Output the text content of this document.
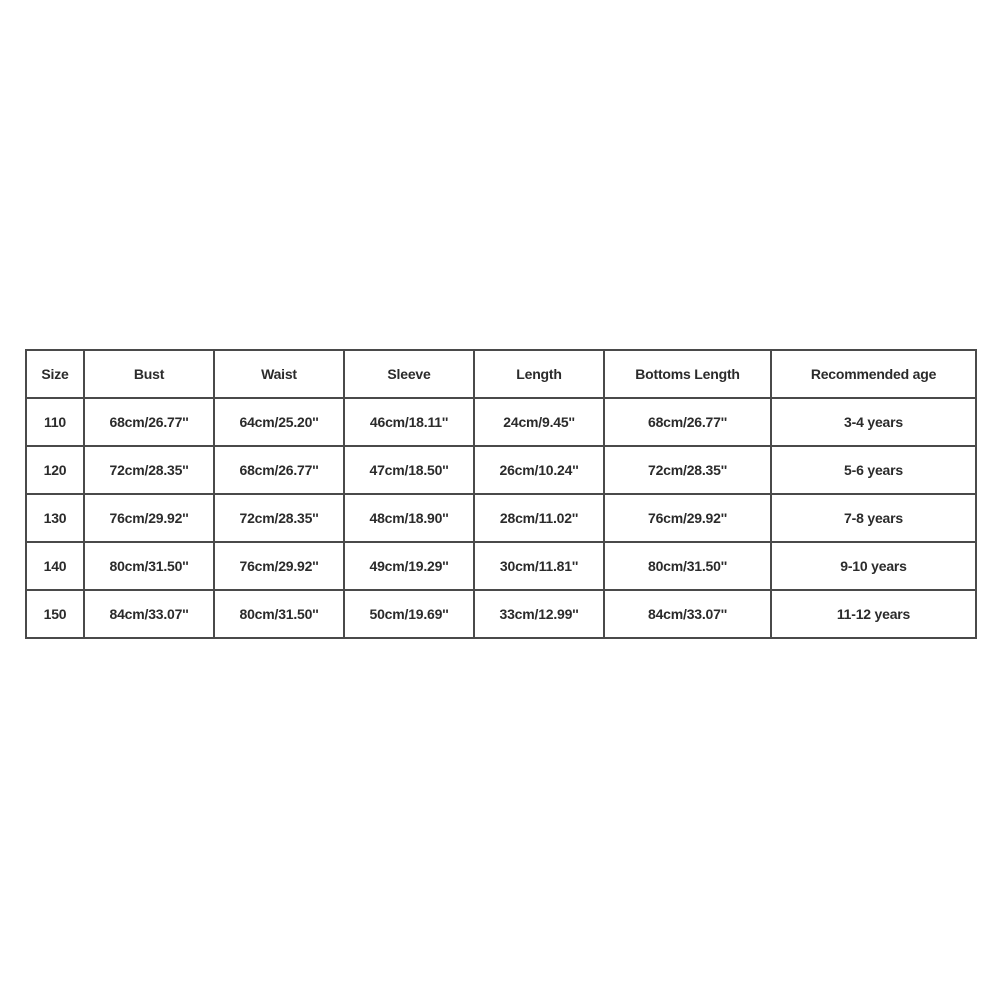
Size	Bust	Waist	Sleeve	Length	Bottoms Length	Recommended age
110	68cm/26.77''	64cm/25.20''	46cm/18.11''	24cm/9.45''	68cm/26.77''	3-4 years
120	72cm/28.35''	68cm/26.77''	47cm/18.50''	26cm/10.24''	72cm/28.35''	5-6 years
130	76cm/29.92''	72cm/28.35''	48cm/18.90''	28cm/11.02''	76cm/29.92''	7-8 years
140	80cm/31.50''	76cm/29.92''	49cm/19.29''	30cm/11.81''	80cm/31.50''	9-10 years
150	84cm/33.07''	80cm/31.50''	50cm/19.69''	33cm/12.99''	84cm/33.07''	11-12 years
